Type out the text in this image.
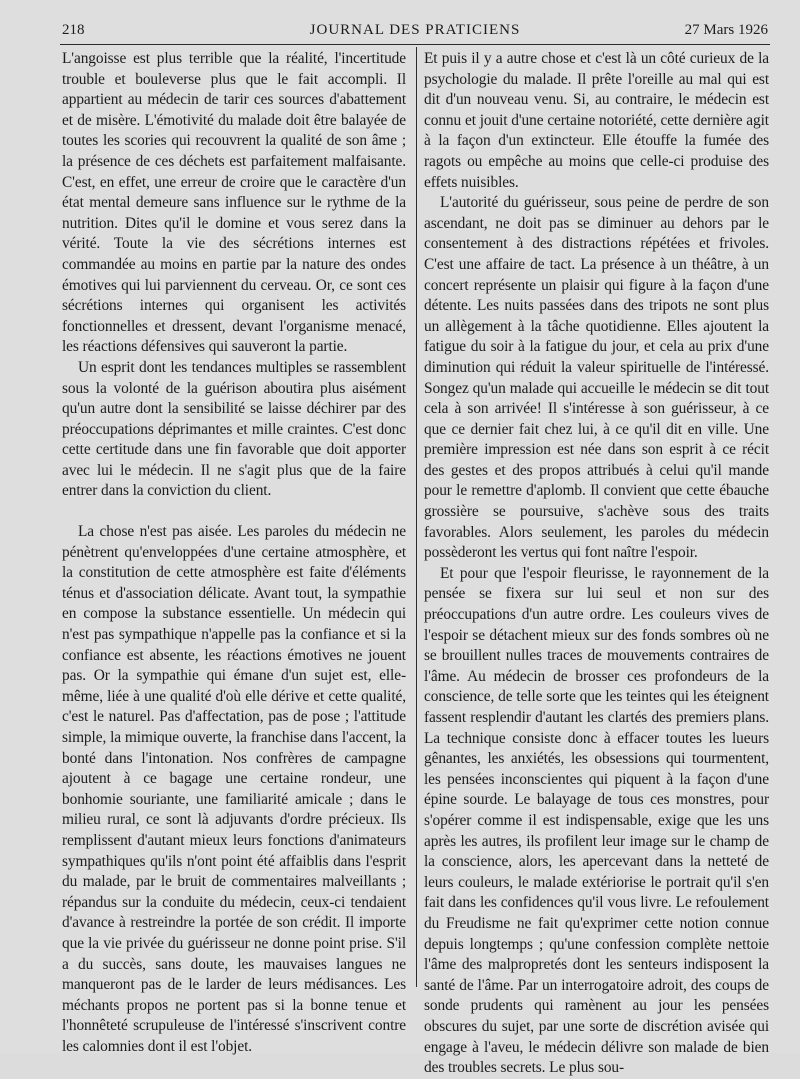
218	JOURNAL DES PRATICIENS	27 Mars 1926

L'angoisse est plus terrible que la réalité, l'incertitude trouble et bouleverse plus que le fait accompli. Il appartient au médecin de tarir ces sources d'abattement et de misère. L'émotivité du malade doit être balayée de toutes les scories qui recouvrent la qualité de son âme ; la présence de ces déchets est parfaitement malfaisante. C'est, en effet, une erreur de croire que le caractère d'un état mental demeure sans influence sur le rythme de la nutrition. Dites qu'il le domine et vous serez dans la vérité. Toute la vie des sécrétions internes est commandée au moins en partie par la nature des ondes émotives qui lui parviennent du cerveau. Or, ce sont ces sécrétions internes qui organisent les activités fonctionnelles et dressent, devant l'organisme menacé, les réactions défensives qui sauveront la partie.

Un esprit dont les tendances multiples se rassemblent sous la volonté de la guérison aboutira plus aisément qu'un autre dont la sensibilité se laisse déchirer par des préoccupations déprimantes et mille craintes. C'est donc cette certitude dans une fin favorable que doit apporter avec lui le médecin. Il ne s'agit plus que de la faire entrer dans la conviction du client.

La chose n'est pas aisée. Les paroles du médecin ne pénètrent qu'enveloppées d'une certaine atmosphère, et la constitution de cette atmosphère est faite d'éléments ténus et d'association délicate. Avant tout, la sympathie en compose la substance essentielle. Un médecin qui n'est pas sympathique n'appelle pas la confiance et si la confiance est absente, les réactions émotives ne jouent pas. Or la sympathie qui émane d'un sujet est, elle-même, liée à une qualité d'où elle dérive et cette qualité, c'est le naturel. Pas d'affectation, pas de pose ; l'attitude simple, la mimique ouverte, la franchise dans l'accent, la bonté dans l'intonation. Nos confrères de campagne ajoutent à ce bagage une certaine rondeur, une bonhomie souriante, une familiarité amicale ; dans le milieu rural, ce sont là adjuvants d'ordre précieux. Ils remplissent d'autant mieux leurs fonctions d'animateurs sympathiques qu'ils n'ont point été affaiblis dans l'esprit du malade, par le bruit de commentaires malveillants ; répandus sur la conduite du médecin, ceux-ci tendaient d'avance à restreindre la portée de son crédit. Il importe que la vie privée du guérisseur ne donne point prise. S'il a du succès, sans doute, les mauvaises langues ne manqueront pas de le larder de leurs médisances. Les méchants propos ne portent pas si la bonne tenue et l'honnêteté scrupuleuse de l'intéressé s'inscrivent contre les calomnies dont il est l'objet.

Et puis il y a autre chose et c'est là un côté curieux de la psychologie du malade. Il prête l'oreille au mal qui est dit d'un nouveau venu. Si, au contraire, le médecin est connu et jouit d'une certaine notoriété, cette dernière agit à la façon d'un extincteur. Elle étouffe la fumée des ragots ou empêche au moins que celle-ci produise des effets nuisibles.

L'autorité du guérisseur, sous peine de perdre de son ascendant, ne doit pas se diminuer au dehors par le consentement à des distractions répétées et frivoles. C'est une affaire de tact. La présence à un théâtre, à un concert représente un plaisir qui figure à la façon d'une détente. Les nuits passées dans des tripots ne sont plus un allègement à la tâche quotidienne. Elles ajoutent la fatigue du soir à la fatigue du jour, et cela au prix d'une diminution qui réduit la valeur spirituelle de l'intéressé. Songez qu'un malade qui accueille le médecin se dit tout cela à son arrivée! Il s'intéresse à son guérisseur, à ce que ce dernier fait chez lui, à ce qu'il dit en ville. Une première impression est née dans son esprit à ce récit des gestes et des propos attribués à celui qu'il mande pour le remettre d'aplomb. Il convient que cette ébauche grossière se poursuive, s'achève sous des traits favorables. Alors seulement, les paroles du médecin possèderont les vertus qui font naître l'espoir.

Et pour que l'espoir fleurisse, le rayonnement de la pensée se fixera sur lui seul et non sur des préoccupations d'un autre ordre. Les couleurs vives de l'espoir se détachent mieux sur des fonds sombres où ne se brouillent nulles traces de mouvements contraires de l'âme. Au médecin de brosser ces profondeurs de la conscience, de telle sorte que les teintes qui les éteignent fassent resplendir d'autant les clartés des premiers plans. La technique consiste donc à effacer toutes les lueurs gênantes, les anxiétés, les obsessions qui tourmentent, les pensées inconscientes qui piquent à la façon d'une épine sourde. Le balayage de tous ces monstres, pour s'opérer comme il est indispensable, exige que les uns après les autres, ils profilent leur image sur le champ de la conscience, alors, les apercevant dans la netteté de leurs couleurs, le malade extériorise le portrait qu'il s'en fait dans les confidences qu'il vous livre. Le refoulement du Freudisme ne fait qu'exprimer cette notion connue depuis longtemps ; qu'une confession complète nettoie l'âme des malpropretés dont les senteurs indisposent la santé de l'âme. Par un interrogatoire adroit, des coups de sonde prudents qui ramènent au jour les pensées obscures du sujet, par une sorte de discrétion avisée qui engage à l'aveu, le médecin délivre son malade de bien des troubles secrets. Le plus sou-
